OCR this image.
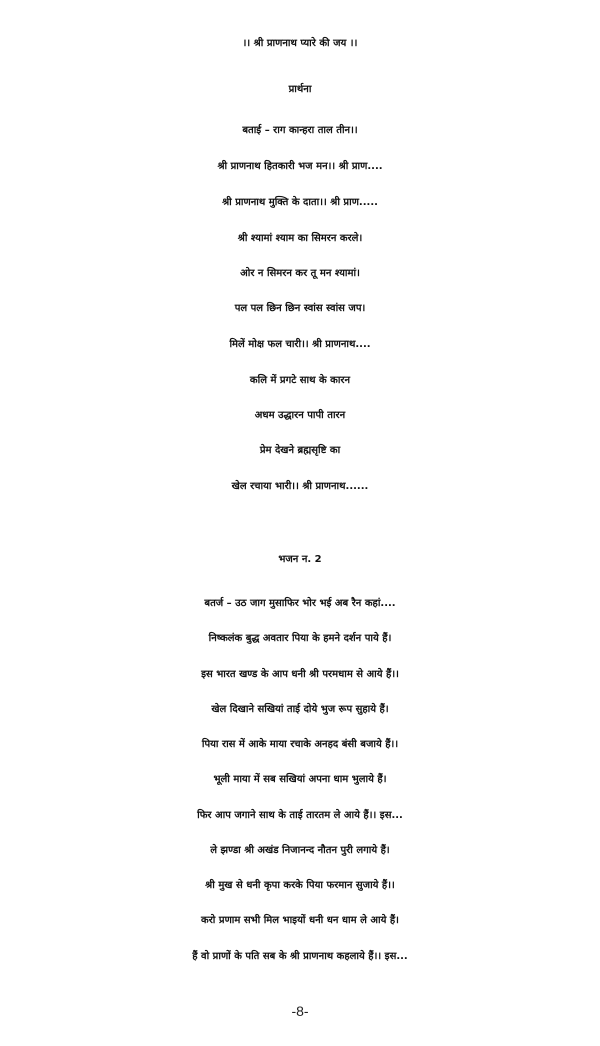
।। श्री प्राणनाथ प्यारे की जय ।।
प्रार्थना
बताई – राग कान्हरा ताल तीन।।
श्री प्राणनाथ हितकारी भज मन।। श्री प्राण....
श्री प्राणनाथ मुक्ति के दाता।। श्री प्राण.....
श्री श्यामां श्याम का सिमरन करले।
ओर न सिमरन कर तू मन श्यामां।
पल पल छिन छिन स्वांस स्वांस जप।
मिलें मोक्ष फल चारी।। श्री प्राणनाथ....
कलि में प्रगटे साथ के कारन
अधम उद्धारन पापी तारन
प्रेम देखने ब्रह्मसृष्टि का
खेल रचाया भारी।। श्री प्राणनाथ......
भजन न. 2
बतर्ज – उठ जाग मुसाफिर भोर भई अब रैन कहां....
निष्कलंक बुद्ध अवतार पिया के हमने दर्शन पाये हैं।
इस भारत खण्ड के आप धनी श्री परमधाम से आये हैं।।
खेल दिखाने सखियां ताई दोये भुज रूप सुहाये हैं।
पिया रास में आके माया रचाके अनहद बंसी बजाये हैं।।
भूली माया में सब सखियां अपना धाम भुलाये हैं।
फिर आप जगाने साथ के ताई तारतम ले आये हैं।। इस...
ले झण्डा श्री अखंड निजानन्द नौतन पुरी लगाये हैं।
श्री मुख से धनी कृपा करके पिया फरमान सुजाये हैं।।
करो प्रणाम सभी मिल भाइयों धनी धन धाम ले आये हैं।
हैं वो प्राणों के पति सब के श्री प्राणनाथ कहलाये हैं।। इस...
-8-
